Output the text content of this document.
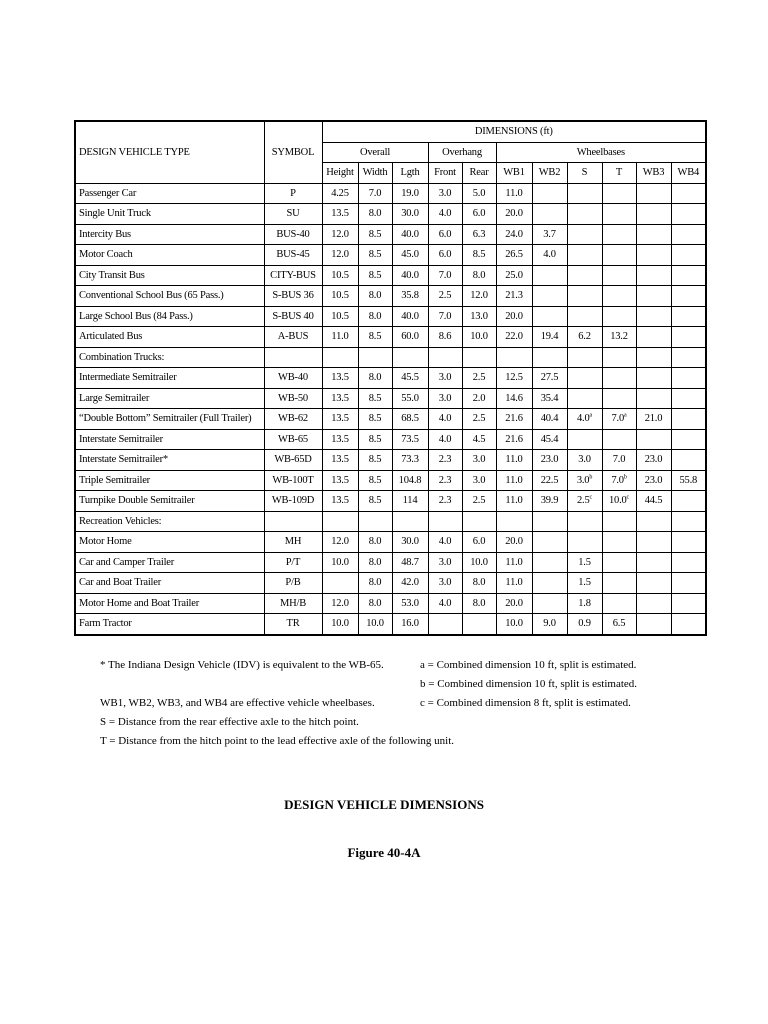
DESIGN VEHICLE TYPE	SYMBOL	DIMENSIONS (ft)										
		Overall			Overhang		Wheelbases					
		Height	Width	Lgth	Front	Rear	WB1	WB2	S	T	WB3	WB4
Passenger Car	P	4.25	7.0	19.0	3.0	5.0	11.0					
Single Unit Truck	SU	13.5	8.0	30.0	4.0	6.0	20.0					
Intercity Bus	BUS-40	12.0	8.5	40.0	6.0	6.3	24.0	3.7				
Motor Coach	BUS-45	12.0	8.5	45.0	6.0	8.5	26.5	4.0				
City Transit Bus	CITY-BUS	10.5	8.5	40.0	7.0	8.0	25.0					
Conventional School Bus (65 Pass.)	S-BUS 36	10.5	8.0	35.8	2.5	12.0	21.3					
Large School Bus (84 Pass.)	S-BUS 40	10.5	8.0	40.0	7.0	13.0	20.0					
Articulated Bus	A-BUS	11.0	8.5	60.0	8.6	10.0	22.0	19.4	6.2	13.2		
Combination Trucks:												
Intermediate Semitrailer	WB-40	13.5	8.0	45.5	3.0	2.5	12.5	27.5				
Large Semitrailer	WB-50	13.5	8.5	55.0	3.0	2.0	14.6	35.4				
“Double Bottom” Semitrailer (Full Trailer)	WB-62	13.5	8.5	68.5	4.0	2.5	21.6	40.4	4.0$^a$	7.0$^a$	21.0	
Interstate Semitrailer	WB-65	13.5	8.5	73.5	4.0	4.5	21.6	45.4				
Interstate Semitrailer*	WB-65D	13.5	8.5	73.3	2.3	3.0	11.0	23.0	3.0	7.0	23.0	
Triple Semitrailer	WB-100T	13.5	8.5	104.8	2.3	3.0	11.0	22.5	3.0$^b$	7.0$^b$	23.0	55.8
Turnpike Double Semitrailer	WB-109D	13.5	8.5	114	2.3	2.5	11.0	39.9	2.5$^c$	10.0$^c$	44.5	
Recreation Vehicles:												
Motor Home	MH	12.0	8.0	30.0	4.0	6.0	20.0					
Car and Camper Trailer	P/T	10.0	8.0	48.7	3.0	10.0	11.0		1.5			
Car and Boat Trailer	P/B		8.0	42.0	3.0	8.0	11.0		1.5			
Motor Home and Boat Trailer	MH/B	12.0	8.0	53.0	4.0	8.0	20.0		1.8			
Farm Tractor	TR	10.0	10.0	16.0			10.0	9.0	0.9	6.5		
* The Indiana Design Vehicle (IDV) is equivalent to the WB-65.	a = Combined dimension 10 ft, split is estimated.
b = Combined dimension 10 ft, split is estimated.
WB1, WB2, WB3, and WB4 are effective vehicle wheelbases.	c = Combined dimension 8 ft, split is estimated.
S = Distance from the rear effective axle to the hitch point.
T = Distance from the hitch point to the lead effective axle of the following unit.
DESIGN VEHICLE DIMENSIONS
Figure 40-4A
